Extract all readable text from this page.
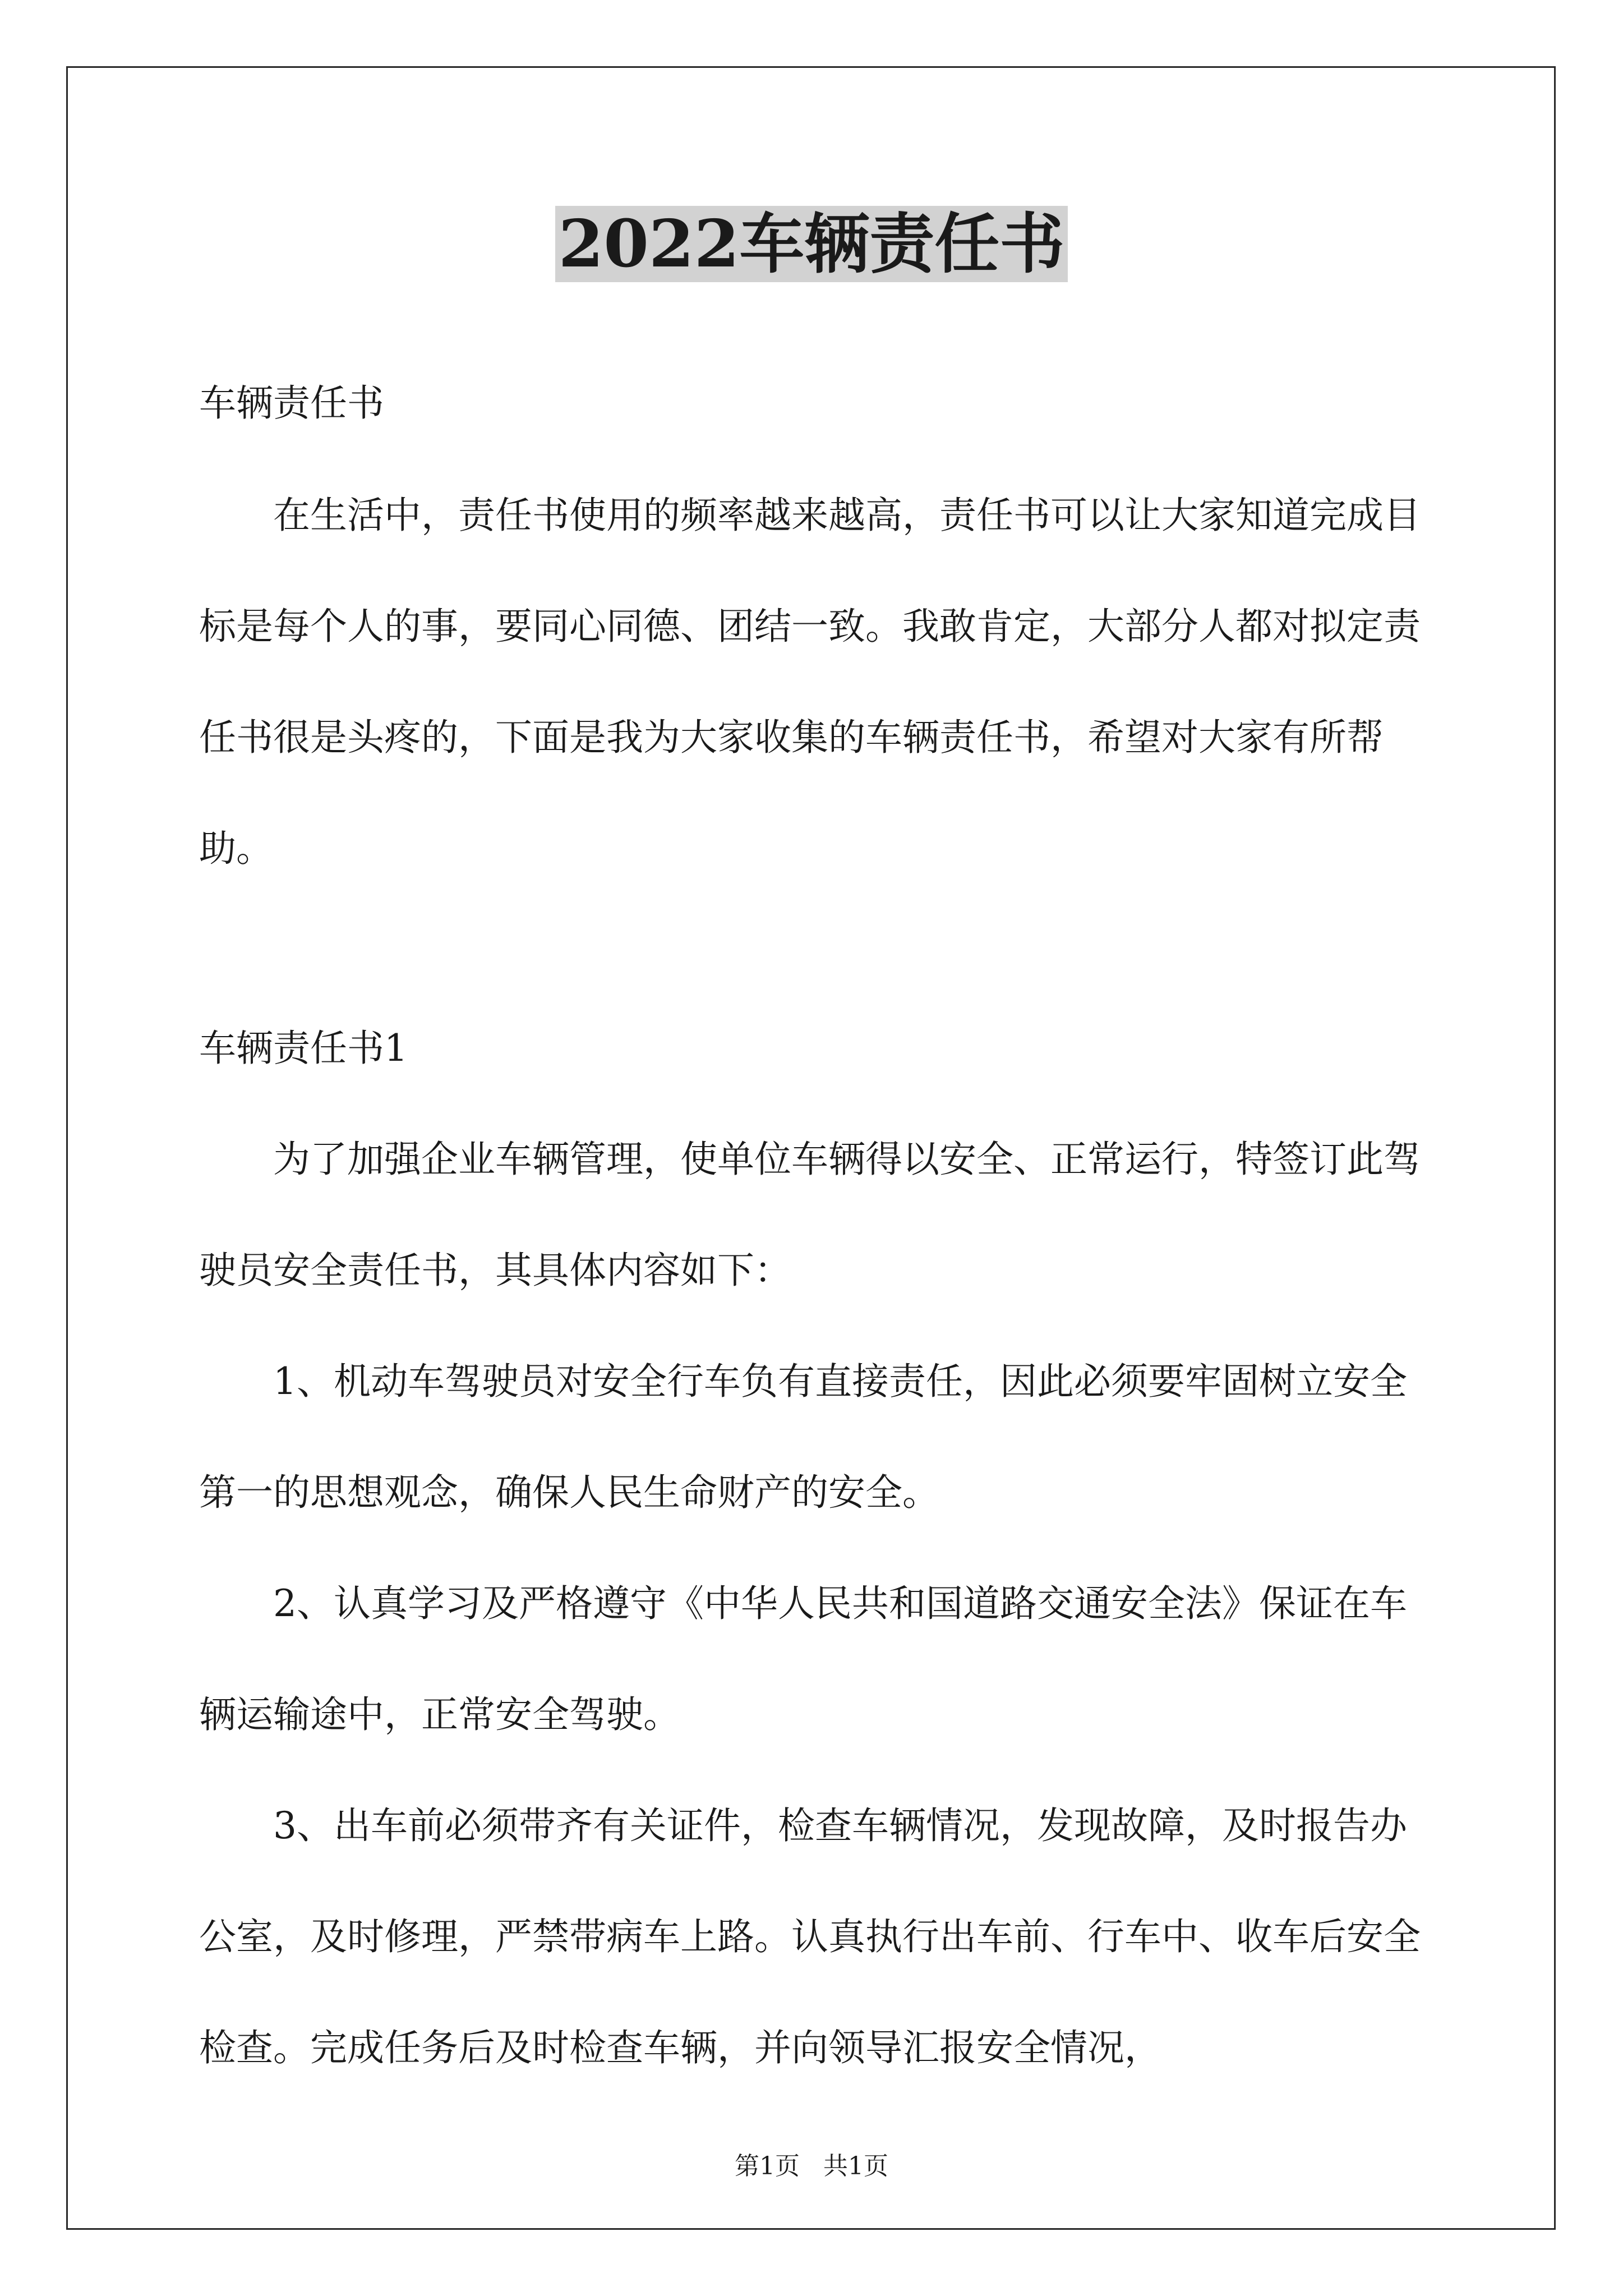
2022车辆责任书

车辆责任书

在生活中，责任书使用的频率越来越高，责任书可以让大家知道完成目标是每个人的事，要同心同德、团结一致。我敢肯定，大部分人都对拟定责任书很是头疼的，下面是我为大家收集的车辆责任书，希望对大家有所帮助。

车辆责任书1

为了加强企业车辆管理，使单位车辆得以安全、正常运行，特签订此驾驶员安全责任书，其具体内容如下：

1、机动车驾驶员对安全行车负有直接责任，因此必须要牢固树立安全第一的思想观念，确保人民生命财产的安全。

2、认真学习及严格遵守《中华人民共和国道路交通安全法》保证在车辆运输途中，正常安全驾驶。

3、出车前必须带齐有关证件，检查车辆情况，发现故障，及时报告办公室，及时修理，严禁带病车上路。认真执行出车前、行车中、收车后安全检查。完成任务后及时检查车辆，并向领导汇报安全情况，

第1页   共1页
